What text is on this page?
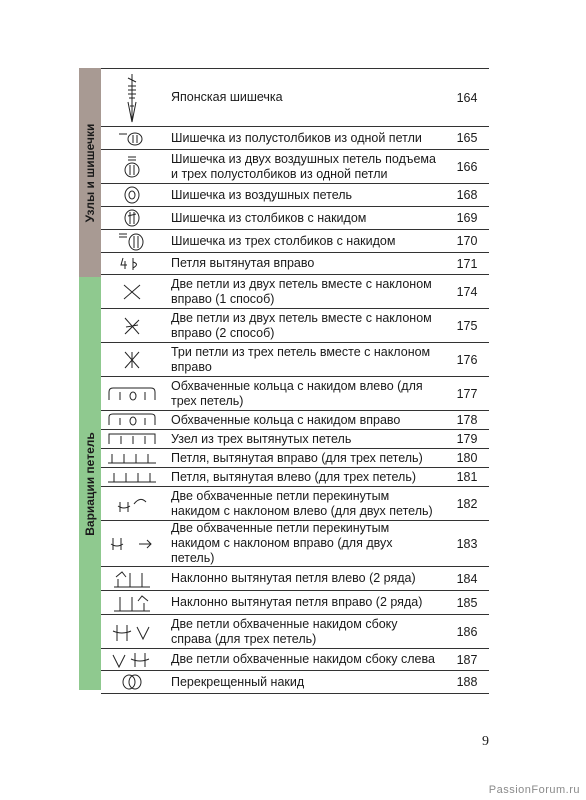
Узлы и шишечки
Вариации петель
	Японская шишечка	164

	Шишечка из полустолбиков из одной петли	165

	Шишечка из двух воздушных петель подъема и трех полустолбиков из одной петли	166

	Шишечка из воздушных петель	168

	Шишечка из столбиков с накидом	169

	Шишечка из трех столбиков с накидом	170

	Петля вытянутая вправо	171

	Две петли из двух петель вместе с наклоном вправо (1 способ)	174

	Две петли из двух петель вместе с наклоном вправо (2 способ)	175

	Три петли из трех петель вместе с наклоном вправо	176

	Обхваченные кольца с накидом влево (для трех петель)	177

	Обхваченные кольца с накидом вправо	178

	Узел из трех вытянутых петель	179

	Петля, вытянутая вправо (для трех петель)	180

	Петля, вытянутая влево (для трех петель)	181

	Две обхваченные петли перекинутым накидом с наклоном влево (для двух петель)	182

	Две обхваченные петли перекинутым накидом с наклоном вправо (для двух петель)	183

	Наклонно вытянутая петля влево (2 ряда)	184

	Наклонно вытянутая петля вправо (2 ряда)	185

	Две петли обхваченные накидом сбоку справа (для трех петель)	186

	Две петли обхваченные накидом сбоку слева	187

	Перекрещенный накид	188
9
PassionForum.ru
